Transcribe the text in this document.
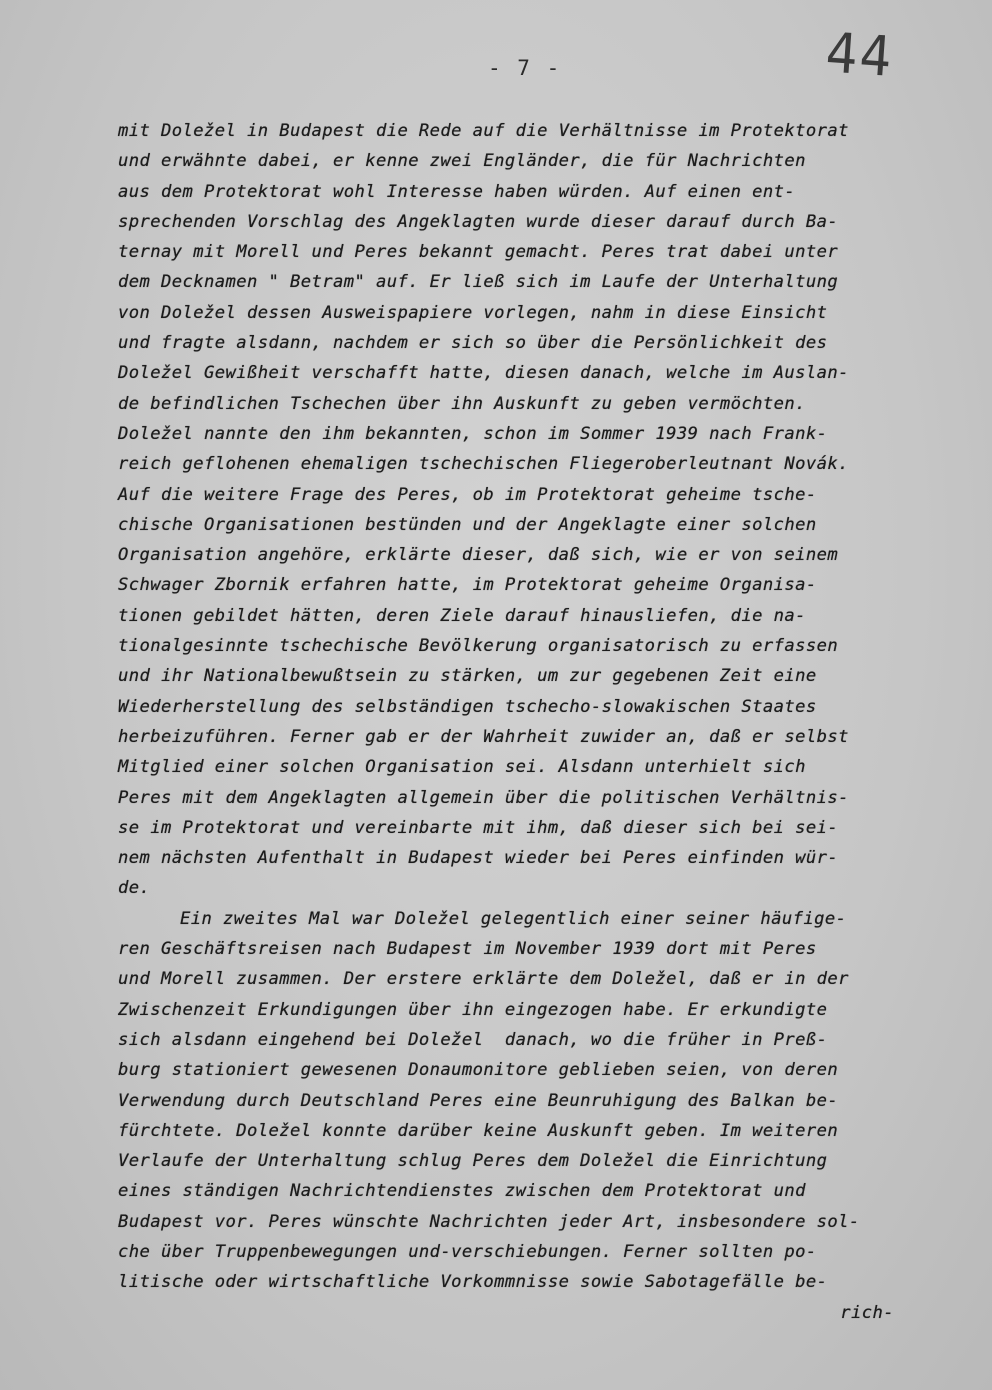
- 7 -	44
mit Doležel in Budapest die Rede auf die Verhältnisse im Protektorat
und erwähnte dabei, er kenne zwei Engländer, die für Nachrichten
aus dem Protektorat wohl Interesse haben würden. Auf einen ent-
sprechenden Vorschlag des Angeklagten wurde dieser darauf durch Ba-
ternay mit Morell und Peres bekannt gemacht. Peres trat dabei unter
dem Decknamen " Betram" auf. Er ließ sich im Laufe der Unterhaltung
von Doležel dessen Ausweispapiere vorlegen, nahm in diese Einsicht
und fragte alsdann, nachdem er sich so über die Persönlichkeit des
Doležel Gewißheit verschafft hatte, diesen danach, welche im Auslan-
de befindlichen Tschechen über ihn Auskunft zu geben vermöchten.
Doležel nannte den ihm bekannten, schon im Sommer 1939 nach Frank-
reich geflohenen ehemaligen tschechischen Fliegeroberleutnant Novák.
Auf die weitere Frage des Peres, ob im Protektorat geheime tsche-
chische Organisationen bestünden und der Angeklagte einer solchen
Organisation angehöre, erklärte dieser, daß sich, wie er von seinem
Schwager Zbornik erfahren hatte, im Protektorat geheime Organisa-
tionen gebildet hätten, deren Ziele darauf hinausliefen, die na-
tionalgesinnte tschechische Bevölkerung organisatorisch zu erfassen
und ihr Nationalbewußtsein zu stärken, um zur gegebenen Zeit eine
Wiederherstellung des selbständigen tschecho-slowakischen Staates
herbeizuführen. Ferner gab er der Wahrheit zuwider an, daß er selbst
Mitglied einer solchen Organisation sei. Alsdann unterhielt sich
Peres mit dem Angeklagten allgemein über die politischen Verhältnis-
se im Protektorat und vereinbarte mit ihm, daß dieser sich bei sei-
nem nächsten Aufenthalt in Budapest wieder bei Peres einfinden wür-
de.
Ein zweites Mal war Doležel gelegentlich einer seiner häufige-
ren Geschäftsreisen nach Budapest im November 1939 dort mit Peres
und Morell zusammen. Der erstere erklärte dem Doležel, daß er in der
Zwischenzeit Erkundigungen über ihn eingezogen habe. Er erkundigte
sich alsdann eingehend bei Doležel  danach, wo die früher in Preß-
burg stationiert gewesenen Donaumonitore geblieben seien, von deren
Verwendung durch Deutschland Peres eine Beunruhigung des Balkan be-
fürchtete. Doležel konnte darüber keine Auskunft geben. Im weiteren
Verlaufe der Unterhaltung schlug Peres dem Doležel die Einrichtung
eines ständigen Nachrichtendienstes zwischen dem Protektorat und
Budapest vor. Peres wünschte Nachrichten jeder Art, insbesondere sol-
che über Truppenbewegungen und-verschiebungen. Ferner sollten po-
litische oder wirtschaftliche Vorkommnisse sowie Sabotagefälle be-
rich-
